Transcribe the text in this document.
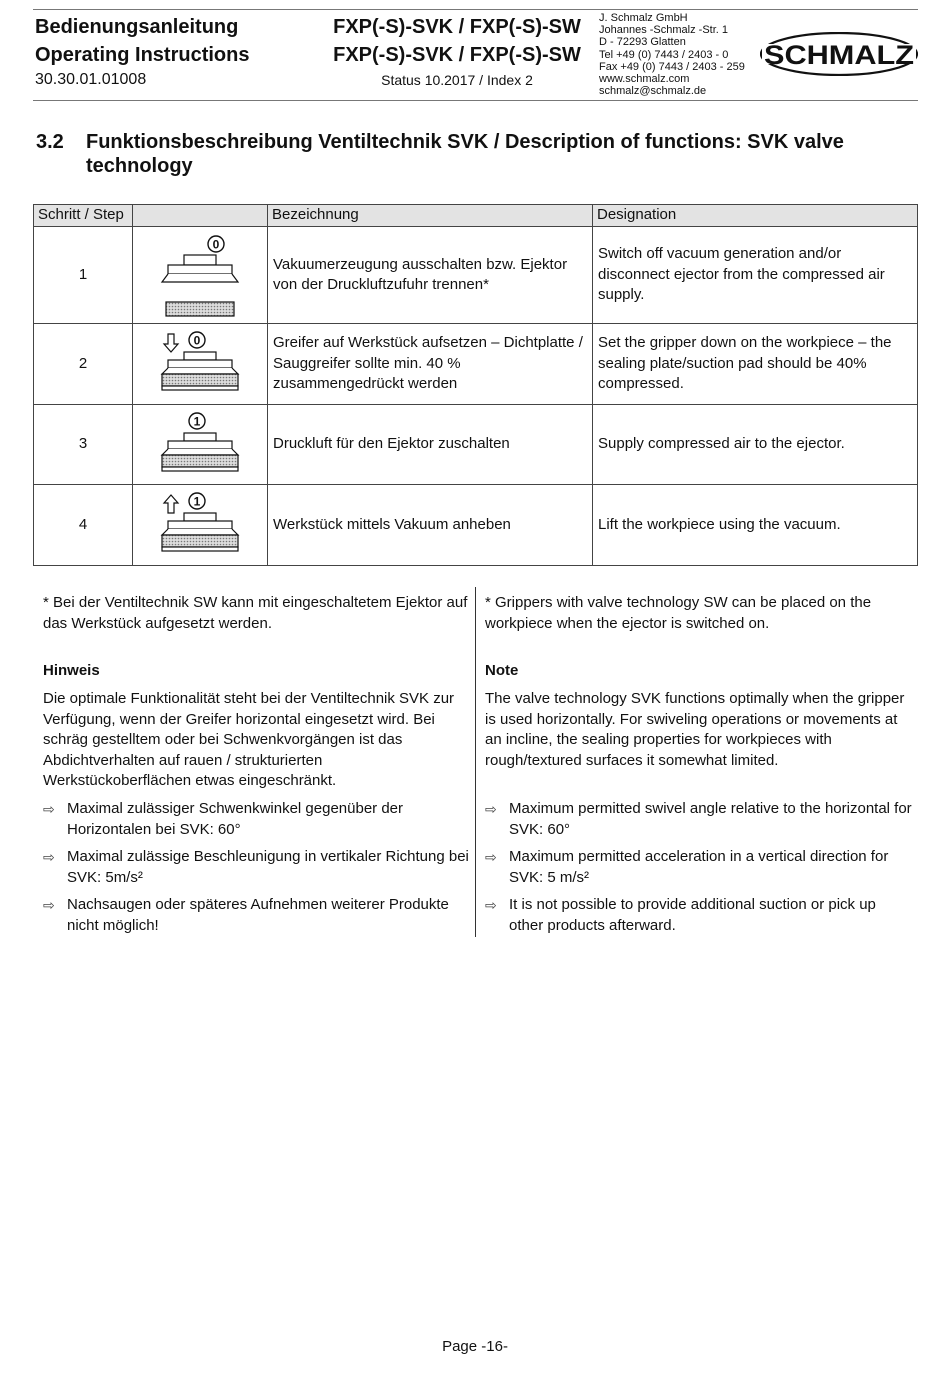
Bedienungsanleitung
Operating Instructions
30.30.01.01008
FXP(-S)-SVK / FXP(-S)-SW
FXP(-S)-SVK / FXP(-S)-SW
Status 10.2017 / Index 2
J. Schmalz GmbH
Johannes -Schmalz -Str. 1
D - 72293 Glatten
Tel +49 (0) 7443 / 2403 - 0
Fax +49 (0) 7443 / 2403 - 259
www.schmalz.com
schmalz@schmalz.de
SCHMALZ
3.2 Funktionsbeschreibung Ventiltechnik SVK / Description of functions: SVK valve technology
Schritt / Step		Bezeichnung	Designation
1	0	Vakuumerzeugung ausschalten bzw. Ejektor von der Druckluftzufuhr trennen*	Switch off vacuum generation and/or disconnect ejector from the compressed air supply.
2	0	Greifer auf Werkstück aufsetzen – Dichtplatte / Sauggreifer sollte min. 40 % zusammengedrückt werden	Set the gripper down on the workpiece – the sealing plate/suction pad should be 40% compressed.
3	1	Druckluft für den Ejektor zuschalten	Supply compressed air to the ejector.
4	1	Werkstück mittels Vakuum anheben	Lift the workpiece using the vacuum.
* Bei der Ventiltechnik SW kann mit eingeschaltetem Ejektor auf das Werkstück aufgesetzt werden.
Hinweis
Die optimale Funktionalität steht bei der Ventiltechnik SVK zur Verfügung, wenn der Greifer horizontal eingesetzt wird. Bei schräg gestelltem oder bei Schwenkvorgängen ist das Abdichtverhalten auf rauen / strukturierten Werkstückoberflächen etwas eingeschränkt.
⇨ Maximal zulässiger Schwenkwinkel gegenüber der Horizontalen bei SVK: 60°
⇨ Maximal zulässige Beschleunigung in vertikaler Richtung bei SVK: 5m/s²
⇨ Nachsaugen oder späteres Aufnehmen weiterer Produkte nicht möglich!
* Grippers with valve technology SW can be placed on the workpiece when the ejector is switched on.
Note
The valve technology SVK functions optimally when the gripper is used horizontally. For swiveling operations or movements at an incline, the sealing properties for workpieces with rough/textured surfaces it somewhat limited.
⇨ Maximum permitted swivel angle relative to the horizontal for SVK: 60°
⇨ Maximum permitted acceleration in a vertical direction for SVK: 5 m/s²
⇨ It is not possible to provide additional suction or pick up other products afterward.
Page -16-
